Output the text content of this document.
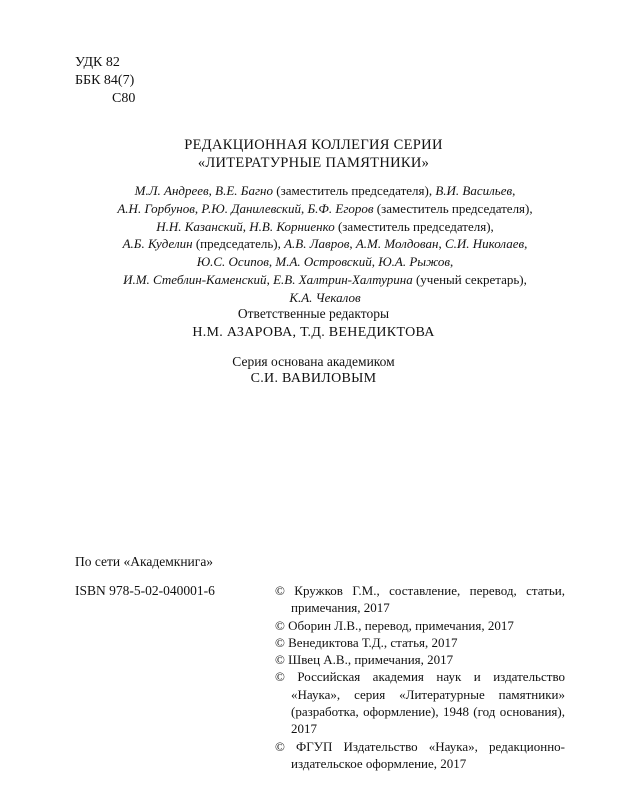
УДК 82
ББК 84(7)
С80
РЕДАКЦИОННАЯ КОЛЛЕГИЯ СЕРИИ
«ЛИТЕРАТУРНЫЕ ПАМЯТНИКИ»
М.Л. Андреев, В.Е. Багно (заместитель председателя), В.И. Васильев,
А.Н. Горбунов, Р.Ю. Данилевский, Б.Ф. Егоров (заместитель председателя),
Н.Н. Казанский, Н.В. Корниенко (заместитель председателя),
А.Б. Куделин (председатель), А.В. Лавров, А.М. Молдован, С.И. Николаев,
Ю.С. Осипов, М.А. Островский, Ю.А. Рыжов,
И.М. Стеблин-Каменский, Е.В. Халтрин-Халтурина (ученый секретарь),
К.А. Чекалов
Ответственные редакторы
Н.М. АЗАРОВА, Т.Д. ВЕНЕДИКТОВА
Серия основана академиком
С.И. ВАВИЛОВЫМ
По сети «Академкнига»
ISBN 978-5-02-040001-6	© Кружков Г.М., составление, перевод, статьи, примечания, 2017
© Оборин Л.В., перевод, примечания, 2017
© Венедиктова Т.Д., статья, 2017
© Швец А.В., примечания, 2017
© Российская академия наук и издательство «Наука», серия «Литературные памятники» (разработка, оформление), 1948 (год основания), 2017
© ФГУП Издательство «Наука», редакционно-издательское оформление, 2017
